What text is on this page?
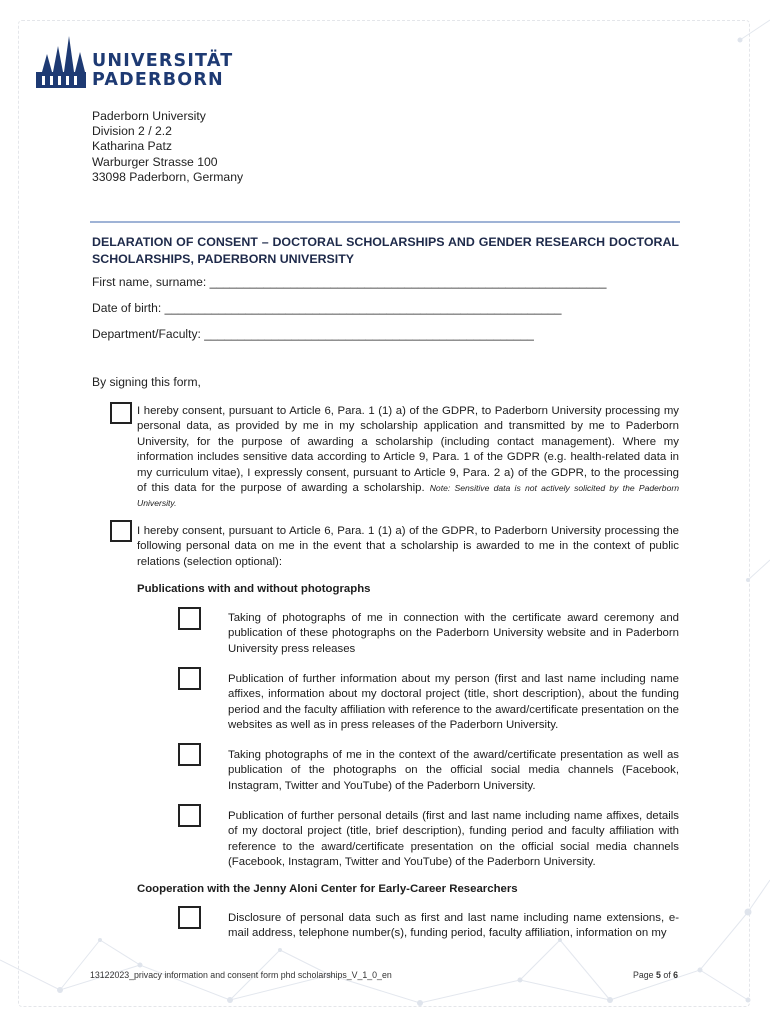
UNIVERSITÄT
PADERBORN
Paderborn University
Division 2 / 2.2
Katharina Patz
Warburger Strasse 100
33098 Paderborn, Germany
DELARATION OF CONSENT – DOCTORAL SCHOLARSHIPS AND GENDER RESEARCH DOCTORAL SCHOLARSHIPS, PADERBORN UNIVERSITY
First name, surname: ___________________________________________________________
Date of birth: ___________________________________________________________
Department/Faculty: _________________________________________________
By signing this form,
I hereby consent, pursuant to Article 6, Para. 1 (1) a) of the GDPR, to Paderborn University processing my personal data, as provided by me in my scholarship application and transmitted by me to Paderborn University, for the purpose of awarding a scholarship (including contact management). Where my information includes sensitive data according to Article 9, Para. 1 of the GDPR (e.g. health-related data in my curriculum vitae), I expressly consent, pursuant to Article 9, Para. 2 a) of the GDPR, to the processing of this data for the purpose of awarding a scholarship. Note: Sensitive data is not actively solicited by the Paderborn University.
I hereby consent, pursuant to Article 6, Para. 1 (1) a) of the GDPR, to Paderborn University processing the following personal data on me in the event that a scholarship is awarded to me in the context of public relations (selection optional):
Publications with and without photographs
Taking of photographs of me in connection with the certificate award ceremony and publication of these photographs on the Paderborn University website and in Paderborn University press releases
Publication of further information about my person (first and last name including name affixes, information about my doctoral project (title, short description), about the funding period and the faculty affiliation with reference to the award/certificate presentation on the websites as well as in press releases of the Paderborn University.
Taking photographs of me in the context of the award/certificate presentation as well as publication of the photographs on the official social media channels (Facebook, Instagram, Twitter and YouTube) of the Paderborn University.
Publication of further personal details (first and last name including name affixes, details of my doctoral project (title, brief description), funding period and faculty affiliation with reference to the award/certificate presentation on the official social media channels (Facebook, Instagram, Twitter and YouTube) of the Paderborn University.
Cooperation with the Jenny Aloni Center for Early-Career Researchers
Disclosure of personal data such as first and last name including name extensions, e-mail address, telephone number(s), funding period, faculty affiliation, information on my
13122023_privacy information and consent form phd scholarships_V_1_0_en	Page 5 of 6
